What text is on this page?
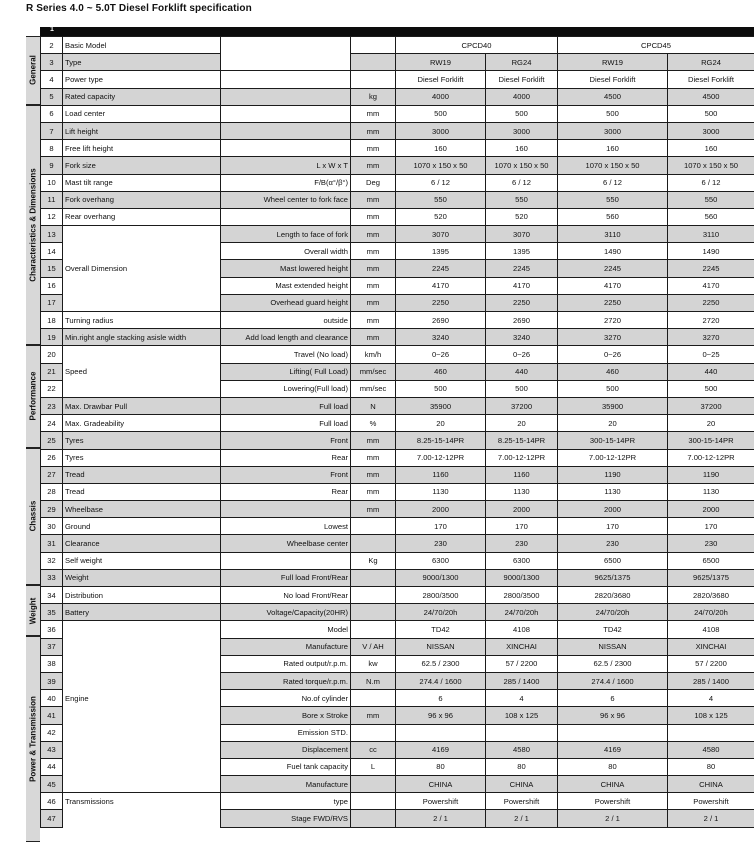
R Series 4.0 ~ 5.0T Diesel Forklift specification
1
General
Characteristics & Dimensions
Performance
Chassis
Weight
Power & Transmission
2	Basic Model			CPCD40		CPCD45	
3	Type			RW19	RG24	RW19	RG24
4	Power type			Diesel Forklift	Diesel Forklift	Diesel Forklift	Diesel Forklift
5	Rated capacity		kg	4000	4000	4500	4500
6	Load center		mm	500	500	500	500
7	Lift height		mm	3000	3000	3000	3000
8	Free lift height		mm	160	160	160	160
9	Fork size	L x W x T	mm	1070 x 150 x 50	1070 x 150 x 50	1070 x 150 x 50	1070 x 150 x 50
10	Mast tilt range	F/B(α°/β°)	Deg	6 / 12	6 / 12	6 / 12	6 / 12
11	Fork overhang	Wheel center to fork face	mm	550	550	550	550
12	Rear overhang		mm	520	520	560	560
13		Length to face of fork	mm	3070	3070	3110	3110
14		Overall width	mm	1395	1395	1490	1490
15	Overall Dimension	Mast lowered height	mm	2245	2245	2245	2245
16		Mast extended height	mm	4170	4170	4170	4170
17		Overhead guard height	mm	2250	2250	2250	2250
18	Turning radius	outside	mm	2690	2690	2720	2720
19	Min.right angle stacking asisle width	Add load length and clearance	mm	3240	3240	3270	3270
20		Travel (No load)	km/h	0~26	0~26	0~26	0~25
21	Speed	Lifting( Full Load)	mm/sec	460	440	460	440
22		Lowering(Full load)	mm/sec	500	500	500	500
23	Max. Drawbar Pull	Full load	N	35900	37200	35900	37200
24	Max. Gradeability	Full load	%	20	20	20	20
25	Tyres	Front	mm	8.25-15-14PR	8.25-15-14PR	300-15-14PR	300-15-14PR
26	Tyres	Rear	mm	7.00-12-12PR	7.00-12-12PR	7.00-12-12PR	7.00-12-12PR
27	Tread	Front	mm	1160	1160	1190	1190
28	Tread	Rear	mm	1130	1130	1130	1130
29	Wheelbase		mm	2000	2000	2000	2000
30	Ground	Lowest		170	170	170	170
31	Clearance	Wheelbase center		230	230	230	230
32	Self weight		Kg	6300	6300	6500	6500
33	Weight	Full load Front/Rear		9000/1300	9000/1300	9625/1375	9625/1375
34	Distribution	No load Front/Rear		2800/3500	2800/3500	2820/3680	2820/3680
35	Battery	Voltage/Capacity(20HR)		24/70/20h	24/70/20h	24/70/20h	24/70/20h
36		Model		TD42	4108	TD42	4108
37		Manufacture	V / AH	NISSAN	XINCHAI	NISSAN	XINCHAI
38		Rated output/r.p.m.	kw	62.5 / 2300	57 / 2200	62.5 / 2300	57 / 2200
39		Rated torque/r.p.m.	N.m	274.4 / 1600	285 / 1400	274.4 / 1600	285 / 1400
40	Engine	No.of cylinder		6	4	6	4
41		Bore x Stroke	mm	96 x 96	108 x 125	96 x 96	108 x 125
42		Emission STD.					
43		Displacement	cc	4169	4580	4169	4580
44		Fuel tank capacity	L	80	80	80	80
45		Manufacture		CHINA	CHINA	CHINA	CHINA
46	Transmissions	type		Powershift	Powershift	Powershift	Powershift
47		Stage FWD/RVS		2 / 1	2 / 1	2 / 1	2 / 1
